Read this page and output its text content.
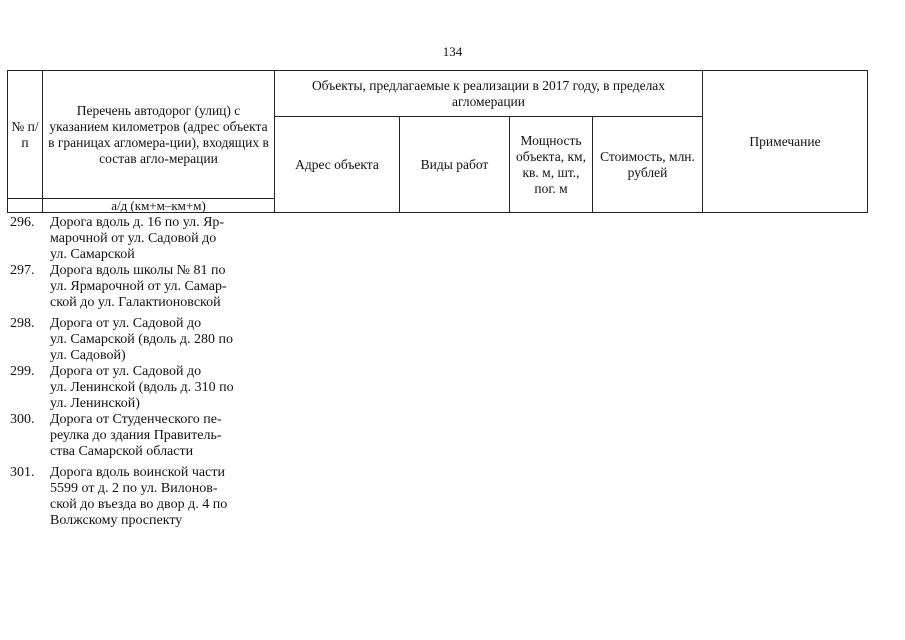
134
№ п/п	Перечень автодорог (улиц) с указанием километров (адрес объекта в границах агломера-ции), входящих в состав агло-мерации	Объекты, предлагаемые к реализации в 2017 году, в пределах агломерации				Примечание
		Адрес объекта	Виды работ	Мощность объекта, км, кв. м, шт., пог. м	Стоимость, млн. рублей	
	а/д (км+м–км+м)					
296.	Дорога вдоль д. 16 по ул. Яр-
марочной от ул. Садовой до
ул. Самарской
297.	Дорога вдоль школы № 81 по
ул. Ярмарочной от ул. Самар-
ской до ул. Галактионовской
298.	Дорога от ул. Садовой до
ул. Самарской (вдоль д. 280 по
ул. Садовой)
299.	Дорога от ул. Садовой до
ул. Ленинской (вдоль д. 310 по
ул. Ленинской)
300.	Дорога от Студенческого пе-
реулка до здания Правитель-
ства Самарской области
301.	Дорога вдоль воинской части
5599 от д. 2 по ул. Вилонов-
ской до въезда во двор д. 4 по
Волжскому проспекту
